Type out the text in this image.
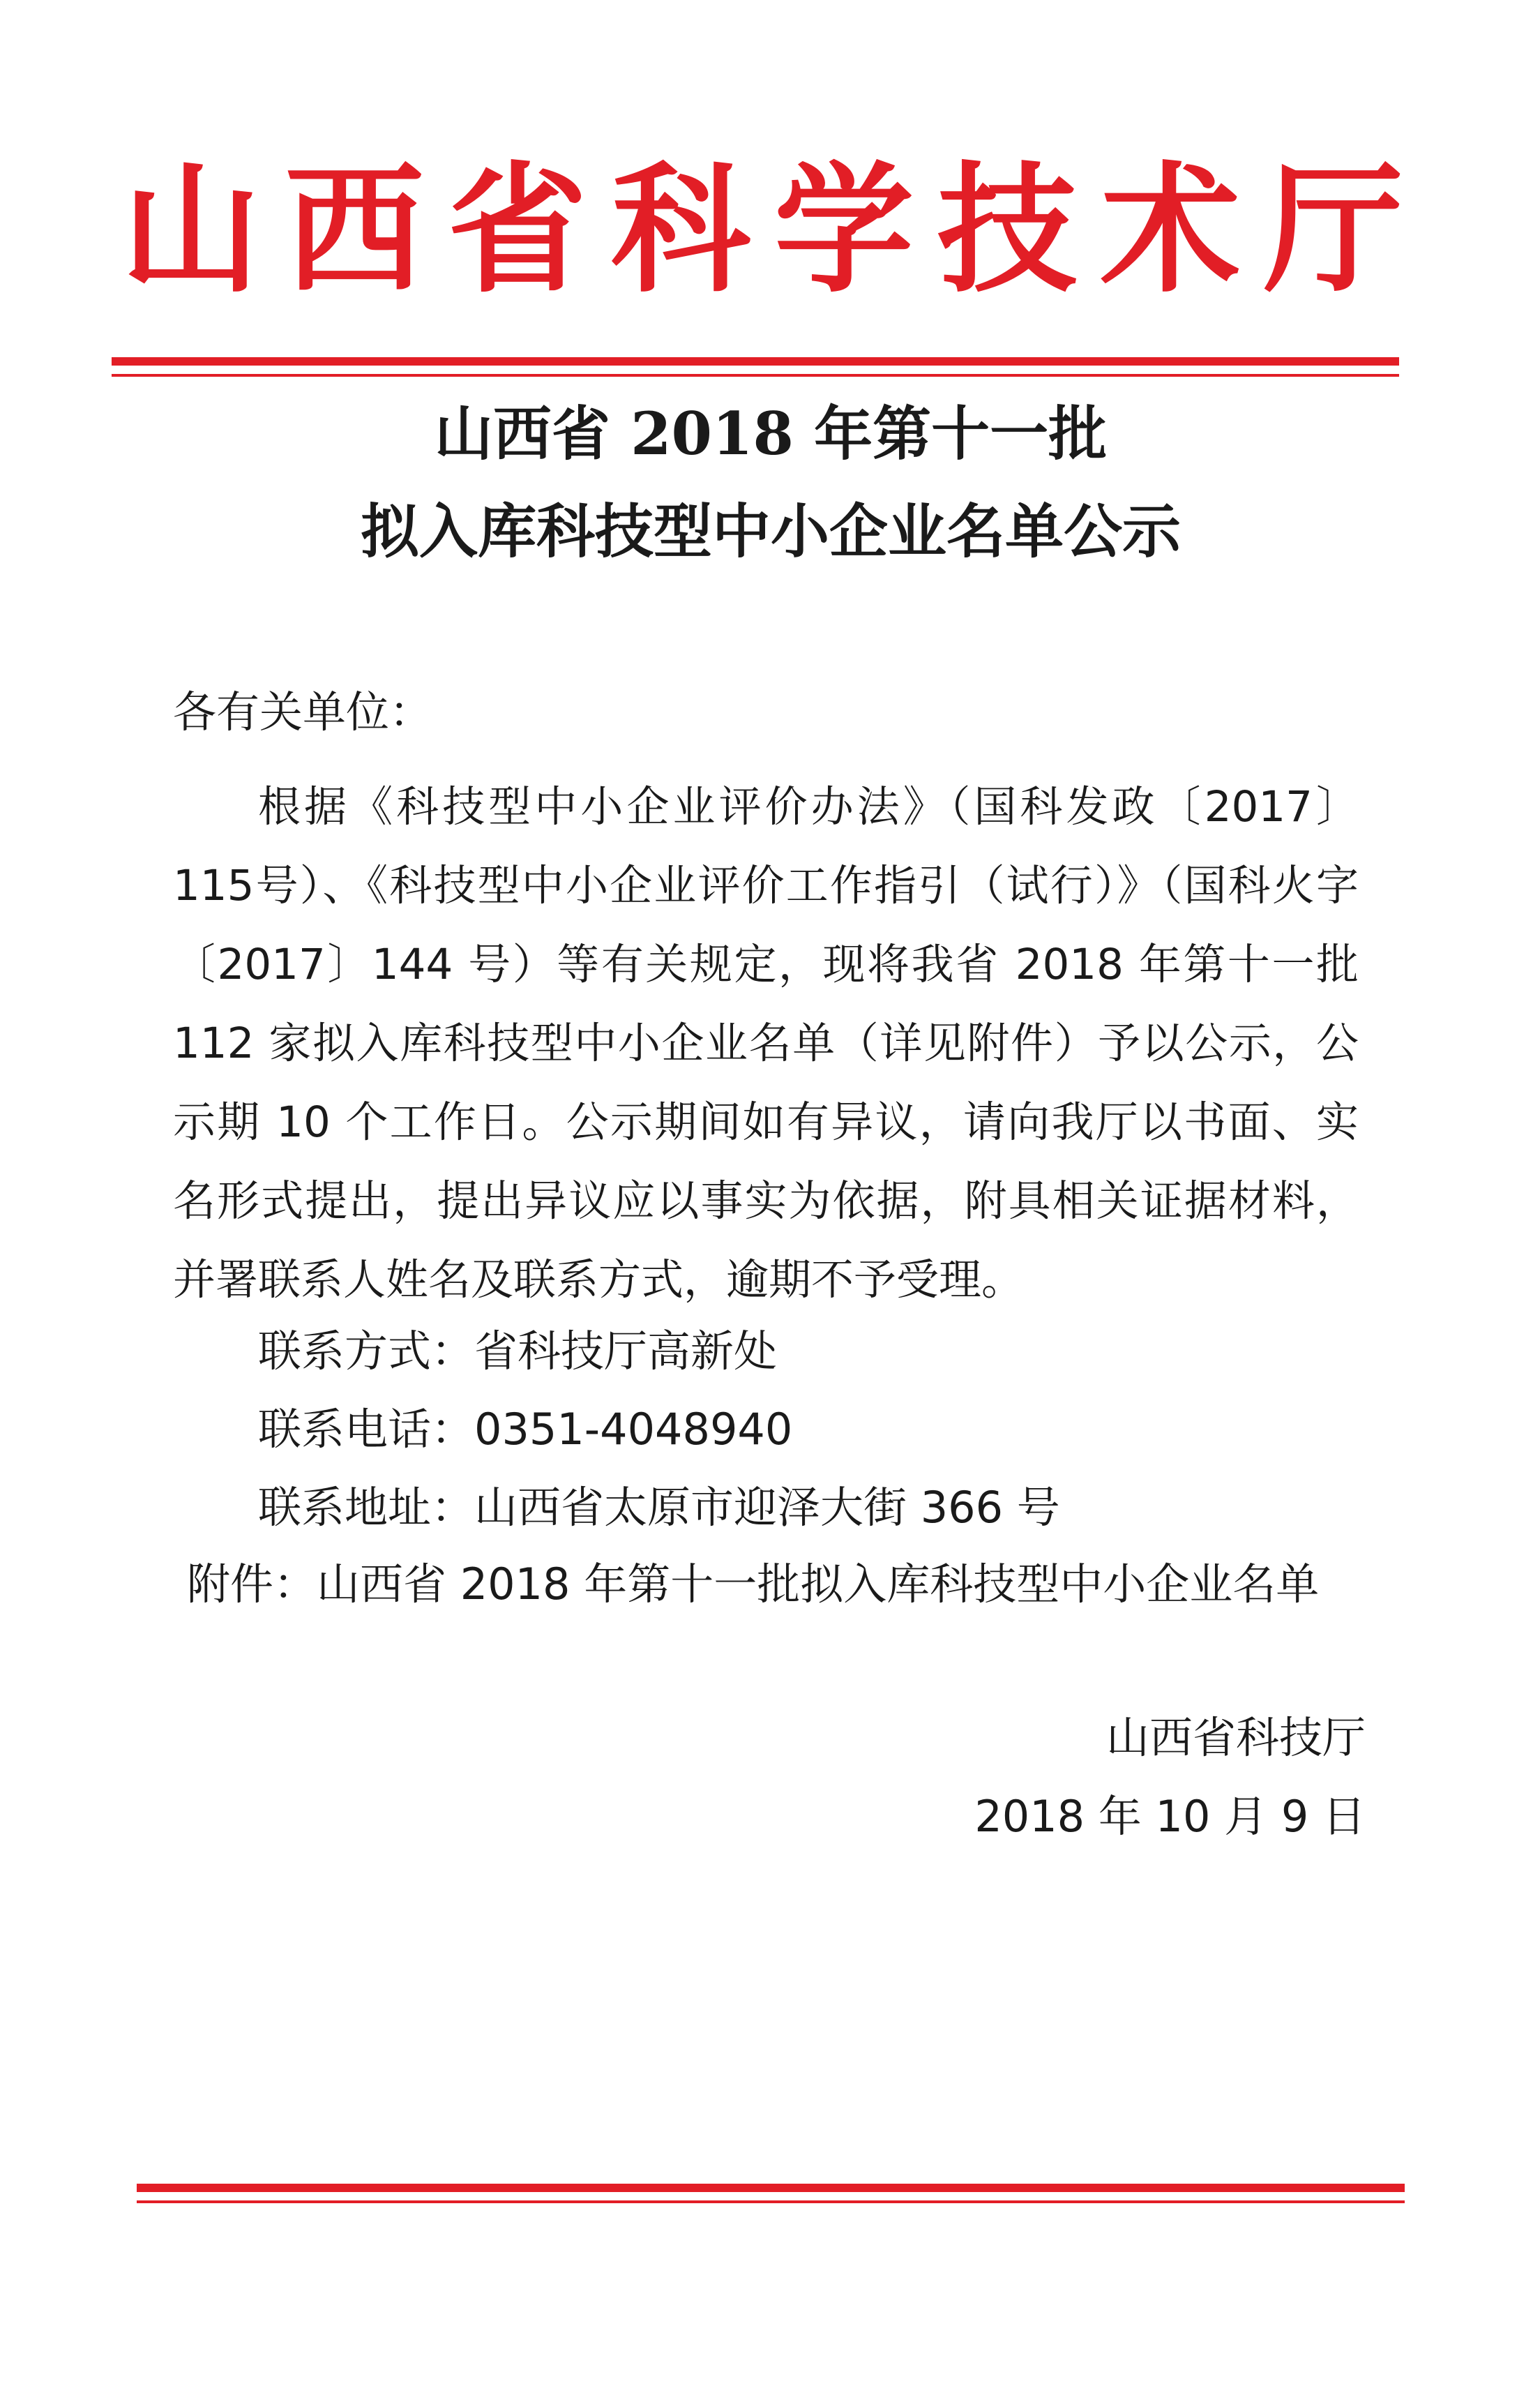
山西省科学技术厅
山西省 2018 年第十一批
拟入库科技型中小企业名单公示
各有关单位：
根据《科技型中小企业评价办法》（国科发政〔2017〕115号）、《科技型中小企业评价工作指引（试行）》（国科火字〔2017〕144 号）等有关规定，现将我省 2018 年第十一批 112 家拟入库科技型中小企业名单（详见附件）予以公示，公示期 10 个工作日。公示期间如有异议，请向我厅以书面、实名形式提出，提出异议应以事实为依据，附具相关证据材料，并署联系人姓名及联系方式，逾期不予受理。
联系方式：省科技厅高新处
联系电话：0351-4048940
联系地址：山西省太原市迎泽大街 366 号
附件：山西省 2018 年第十一批拟入库科技型中小企业名单
山西省科技厅
2018 年 10 月 9 日
